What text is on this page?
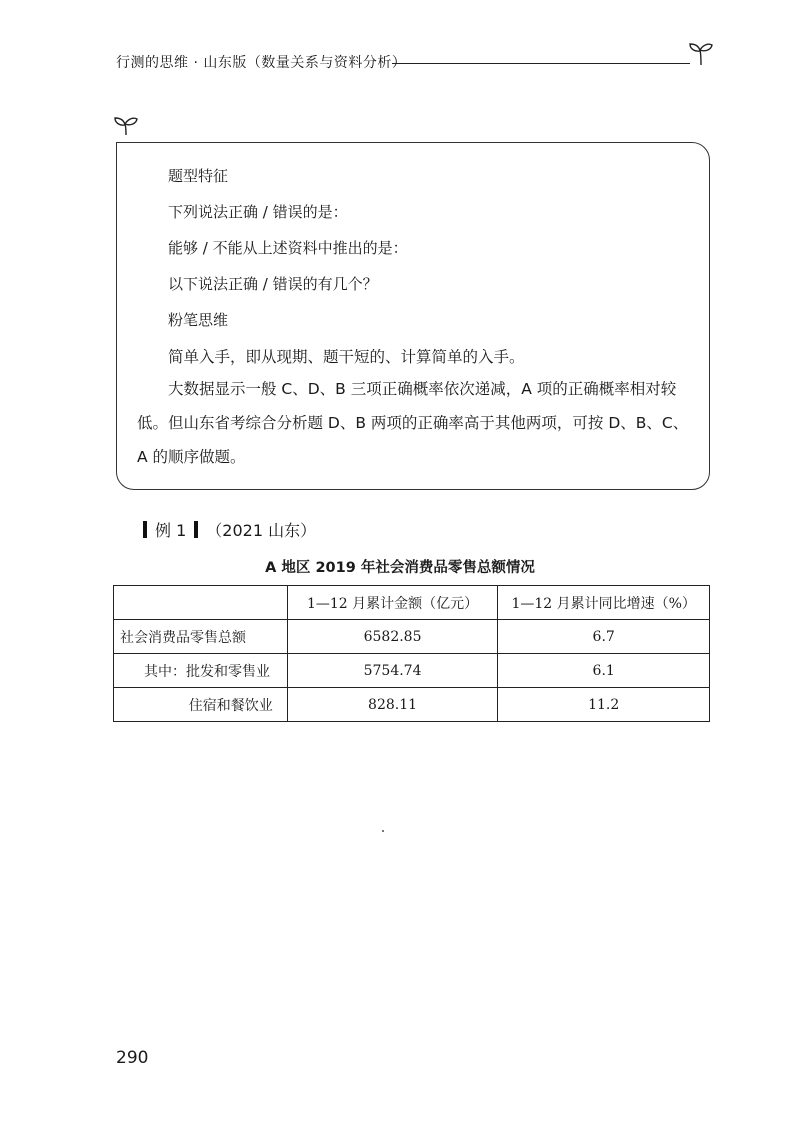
行测的思维 · 山东版（数量关系与资料分析）
题型特征
下列说法正确 / 错误的是：
能够 / 不能从上述资料中推出的是：
以下说法正确 / 错误的有几个？
粉笔思维
简单入手，即从现期、题干短的、计算简单的入手。
大数据显示一般 C、D、B 三项正确概率依次递减，A 项的正确概率相对较低。但山东省考综合分析题 D、B 两项的正确率高于其他两项，可按 D、B、C、A 的顺序做题。
例 1 （2021 山东）
A 地区 2019 年社会消费品零售总额情况
	1—12 月累计金额（亿元）	1—12 月累计同比增速（%）
社会消费品零售总额	6582.85	6.7
其中：批发和零售业	5754.74	6.1
住宿和餐饮业	828.11	11.2
290
